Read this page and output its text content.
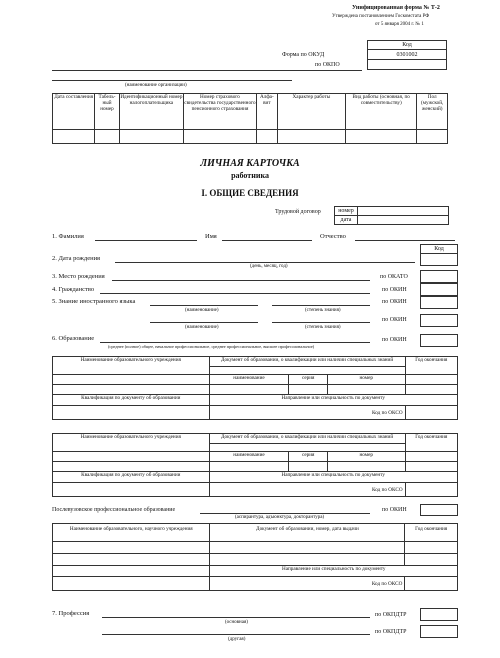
Унифицированная форма № Т-2
Утверждена постановлением Госкомстата РФ
от 5 января 2004 г. № 1
Код
Форма по ОКУД	0301002
по ОКПО
(наименование организации)
Дата составления	Табель-ный номер	Идентификационный номер налогоплательщика	Номер страхового свидетельства государственного пенсионного страхования	Алфа-вит	Характер работы	Вид работы (основная, по совместительству)	Пол (мужской, женский)

ЛИЧНАЯ КАРТОЧКА
работника
I. ОБЩИЕ СВЕДЕНИЯ
Трудовой договор	номер
дата
1. Фамилия	Имя	Отчество
Код
2. Дата рождения
(день, месяц, год)
3. Место рождения	по ОКАТО
4. Гражданство	по ОКИН
5. Знание иностранного языка	по ОКИН
(наименование)	(степень знания)
по ОКИН
(наименование)	(степень знания)
6. Образование	по ОКИН
(среднее (полное) общее, начальное профессиональное, среднее профессиональное, высшее профессиональное)
Наименование образовательного учреждения	Документ об образовании, о квалификации или наличии специальных знаний			Год окончания

	наименование	серия	номер	

Квалификация по документу об образовании	Направление или специальность по документу			
	Код по ОКСО			
Наименование образовательного учреждения	Документ об образовании, о квалификации или наличии специальных знаний			Год окончания

	наименование	серия	номер	

Квалификация по документу об образовании	Направление или специальность по документу			
	Код по ОКСО			
Послевузовское профессиональное образование	по ОКИН
(аспирантура, адъюнктура, докторантура)
Наименование образовательного, научного учреждения	Документ об образовании, номер, дата выдачи	Год окончания

	Направление или специальность по документу	
	Код по ОКСО	
7. Профессия	по ОКПДТР
(основная)
по ОКПДТР
(другая)
